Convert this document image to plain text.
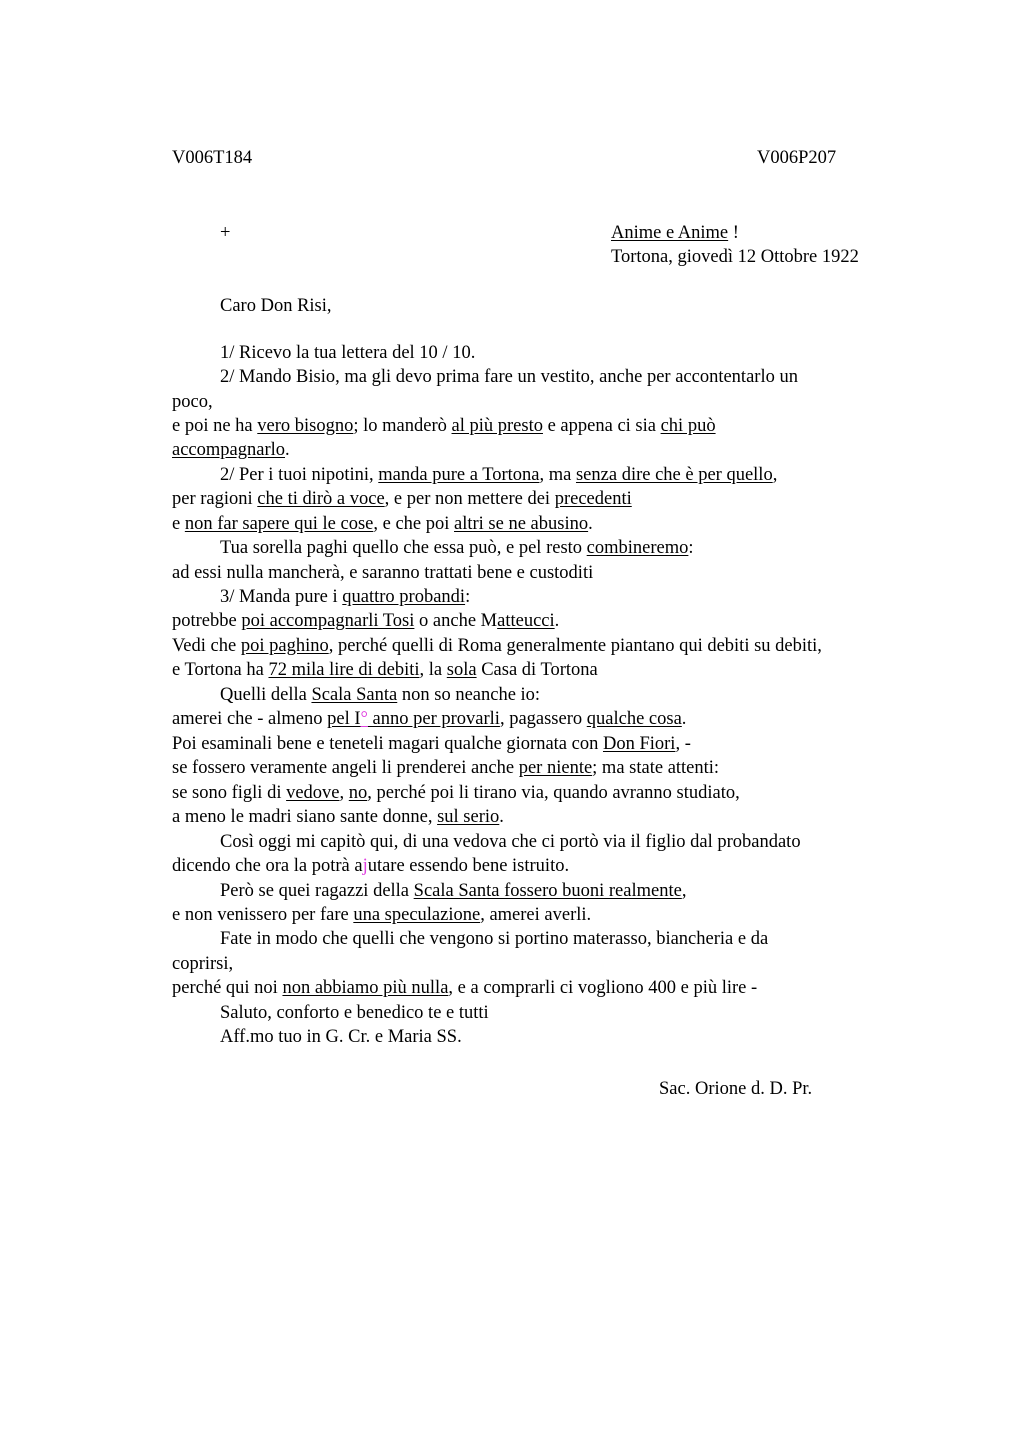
V006T184	V006P207
+	Anime e Anime !
Tortona, giovedì 12 Ottobre 1922
Caro Don Risi,
1/ Ricevo la tua lettera del 10 / 10.
2/ Mando Bisio, ma gli devo prima fare un vestito, anche per accontentarlo un
poco,
e poi ne ha vero bisogno; lo manderò al più presto e appena ci sia chi può
accompagnarlo.
2/ Per i tuoi nipotini, manda pure a Tortona, ma senza dire che è per quello,
per ragioni che ti dirò a voce, e per non mettere dei precedenti
e non far sapere qui le cose, e che poi altri se ne abusino.
Tua sorella paghi quello che essa può, e pel resto combineremo:
ad essi nulla mancherà, e saranno trattati bene e custoditi
3/ Manda pure i quattro probandi:
potrebbe poi accompagnarli Tosi o anche Matteucci.
Vedi che poi paghino, perché quelli di Roma generalmente piantano qui debiti su debiti,
e Tortona ha 72 mila lire di debiti, la sola Casa di Tortona
Quelli della Scala Santa non so neanche io:
amerei che - almeno pel I° anno per provarli, pagassero qualche cosa.
Poi esaminali bene e teneteli magari qualche giornata con Don Fiori, -
se fossero veramente angeli li prenderei anche per niente; ma state attenti:
se sono figli di vedove, no, perché poi li tirano via, quando avranno studiato,
a meno le madri siano sante donne, sul serio.
Così oggi mi capitò qui, di una vedova che ci portò via il figlio dal probandato
dicendo che ora la potrà ajutare essendo bene istruito.
Però se quei ragazzi della Scala Santa fossero buoni realmente,
e non venissero per fare una speculazione, amerei averli.
Fate in modo che quelli che vengono si portino materasso, biancheria e da
coprirsi,
perché qui noi non abbiamo più nulla, e a comprarli ci vogliono 400 e più lire -
Saluto, conforto e benedico te e tutti
Aff.mo tuo in G. Cr. e Maria SS.
Sac. Orione d. D. Pr.
